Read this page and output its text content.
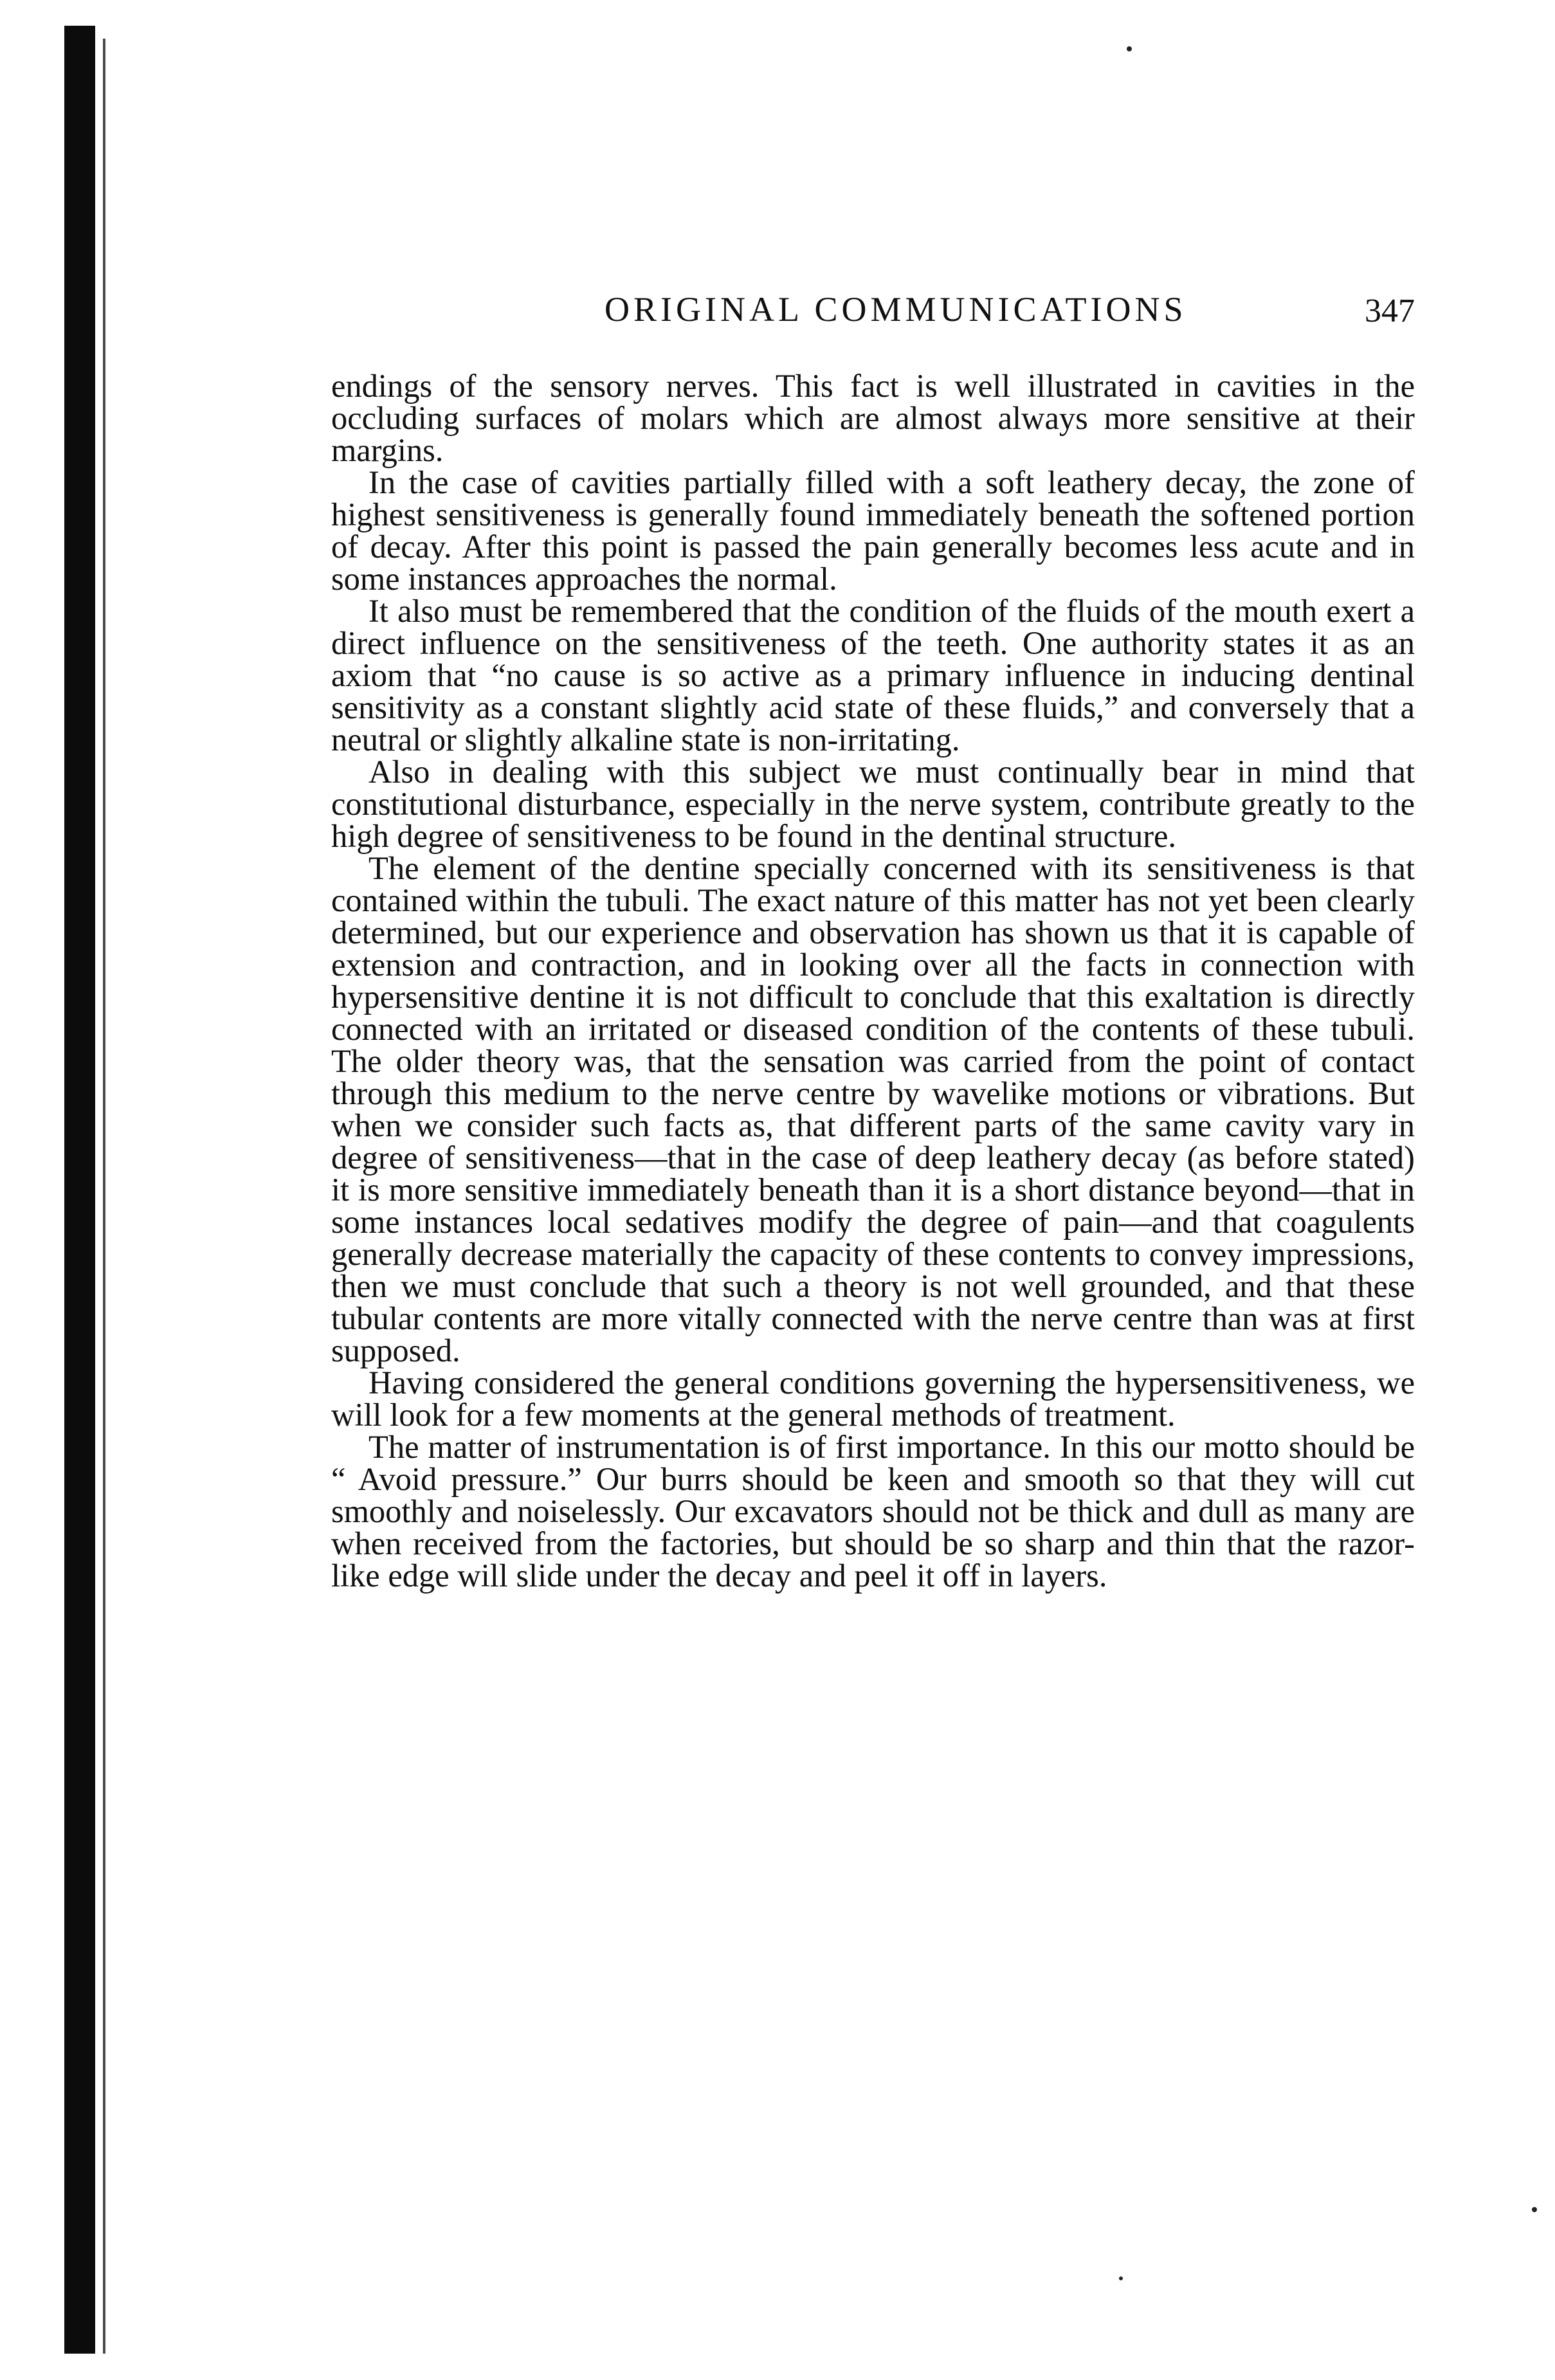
ORIGINAL COMMUNICATIONS	347

endings of the sensory nerves. This fact is well illustrated in cavities in the occluding surfaces of molars which are almost always more sensitive at their margins.

In the case of cavities partially filled with a soft leathery decay, the zone of highest sensitiveness is generally found immediately beneath the softened portion of decay. After this point is passed the pain generally becomes less acute and in some instances approaches the normal.

It also must be remembered that the condition of the fluids of the mouth exert a direct influence on the sensitiveness of the teeth. One authority states it as an axiom that “no cause is so active as a primary influence in inducing dentinal sensitivity as a constant slightly acid state of these fluids,” and conversely that a neutral or slightly alkaline state is non-irritating.

Also in dealing with this subject we must continually bear in mind that constitutional disturbance, especially in the nerve system, contribute greatly to the high degree of sensitiveness to be found in the dentinal structure.

The element of the dentine specially concerned with its sensitiveness is that contained within the tubuli. The exact nature of this matter has not yet been clearly determined, but our experience and observation has shown us that it is capable of extension and contraction, and in looking over all the facts in connection with hypersensitive dentine it is not difficult to conclude that this exaltation is directly connected with an irritated or diseased condition of the contents of these tubuli. The older theory was, that the sensation was carried from the point of contact through this medium to the nerve centre by wavelike motions or vibrations. But when we consider such facts as, that different parts of the same cavity vary in degree of sensitiveness—that in the case of deep leathery decay (as before stated) it is more sensitive immediately beneath than it is a short distance beyond—that in some instances local sedatives modify the degree of pain—and that coagulents generally decrease materially the capacity of these contents to convey impressions, then we must conclude that such a theory is not well grounded, and that these tubular contents are more vitally connected with the nerve centre than was at first supposed.

Having considered the general conditions governing the hypersensitiveness, we will look for a few moments at the general methods of treatment.

The matter of instrumentation is of first importance. In this our motto should be “ Avoid pressure.” Our burrs should be keen and smooth so that they will cut smoothly and noiselessly. Our excavators should not be thick and dull as many are when received from the factories, but should be so sharp and thin that the razor-like edge will slide under the decay and peel it off in layers.
